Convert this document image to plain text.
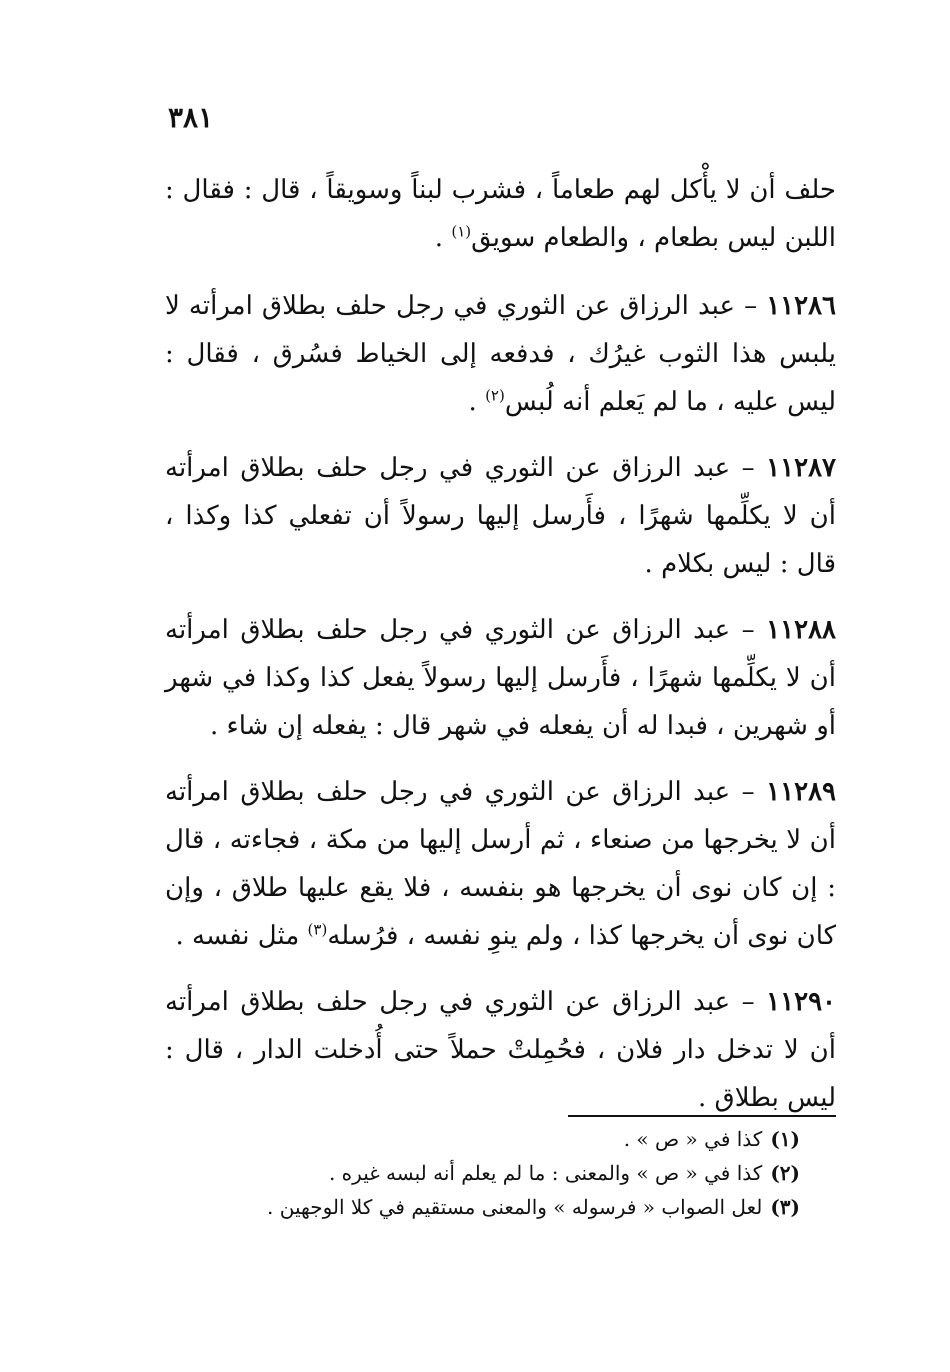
٣٨١

حلف أن لا يأْكل لهم طعاماً ، فشرب لبناً وسويقاً ، قال : فقال : اللبن ليس بطعام ، والطعام سويق$^{(١)}$ .

١١٢٨٦ – عبد الرزاق عن الثوري في رجل حلف بطلاق امرأته لا يلبس هذا الثوب غيرُك ، فدفعه إلى الخياط فسُرق ، فقال : ليس عليه ، ما لم يَعلم أنه لُبس$^{(٢)}$ .

١١٢٨٧ – عبد الرزاق عن الثوري في رجل حلف بطلاق امرأته أن لا يكلِّمها شهرًا ، فأَرسل إليها رسولاً أن تفعلي كذا وكذا ، قال : ليس بكلام .

١١٢٨٨ – عبد الرزاق عن الثوري في رجل حلف بطلاق امرأته أن لا يكلِّمها شهرًا ، فأَرسل إليها رسولاً يفعل كذا وكذا في شهر أو شهرين ، فبدا له أن يفعله في شهر قال : يفعله إن شاء .

١١٢٨٩ – عبد الرزاق عن الثوري في رجل حلف بطلاق امرأته أن لا يخرجها من صنعاء ، ثم أرسل إليها من مكة ، فجاءته ، قال : إن كان نوى أن يخرجها هو بنفسه ، فلا يقع عليها طلاق ، وإن كان نوى أن يخرجها كذا ، ولم ينوِ نفسه ، فرُسله$^{(٣)}$ مثل نفسه .

١١٢٩٠ – عبد الرزاق عن الثوري في رجل حلف بطلاق امرأته أن لا تدخل دار فلان ، فحُمِلتْ حملاً حتى أُدخلت الدار ، قال : ليس بطلاق .

(١)كذا في « ص » .

(٢)كذا في « ص » والمعنى : ما لم يعلم أنه لبسه غيره .

(٣)لعل الصواب « فرسوله » والمعنى مستقيم في كلا الوجهين .
